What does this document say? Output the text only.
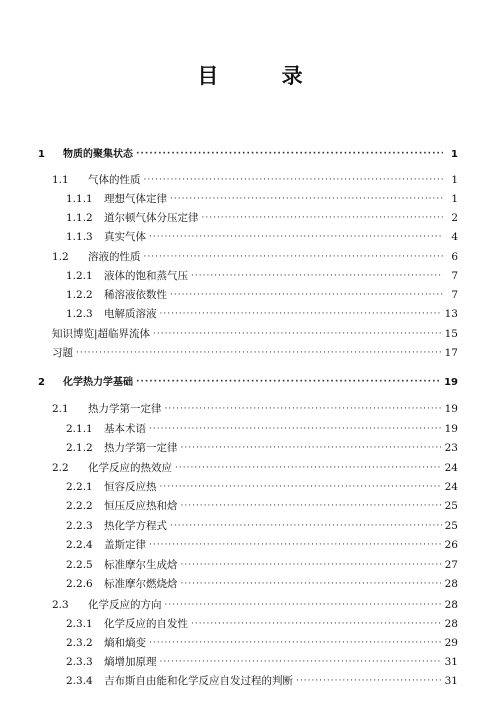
目 录
1	物质的聚集状态 ·····	1
1.1	气体的性质 ·····	1
1.1.1	理想气体定律 ·····	1
1.1.2	道尔顿气体分压定律 ·····	2
1.1.3	真实气体 ·····	4
1.2	溶液的性质 ·····	6
1.2.1	液体的饱和蒸气压 ·····	7
1.2.2	稀溶液依数性 ·····	7
1.2.3	电解质溶液 ·····	13
知识博览|超临界流体 ·····	15
习题 ·····	17
2	化学热力学基础 ·····	19
2.1	热力学第一定律 ·····	19
2.1.1	基本术语 ·····	19
2.1.2	热力学第一定律 ·····	23
2.2	化学反应的热效应 ·····	24
2.2.1	恒容反应热 ·····	24
2.2.2	恒压反应热和焓 ·····	25
2.2.3	热化学方程式 ·····	25
2.2.4	盖斯定律 ·····	26
2.2.5	标准摩尔生成焓 ·····	27
2.2.6	标准摩尔燃烧焓 ·····	28
2.3	化学反应的方向 ·····	28
2.3.1	化学反应的自发性 ·····	28
2.3.2	熵和熵变 ·····	29
2.3.3	熵增加原理 ·····	31
2.3.4	吉布斯自由能和化学反应自发过程的判断 ·····	31
